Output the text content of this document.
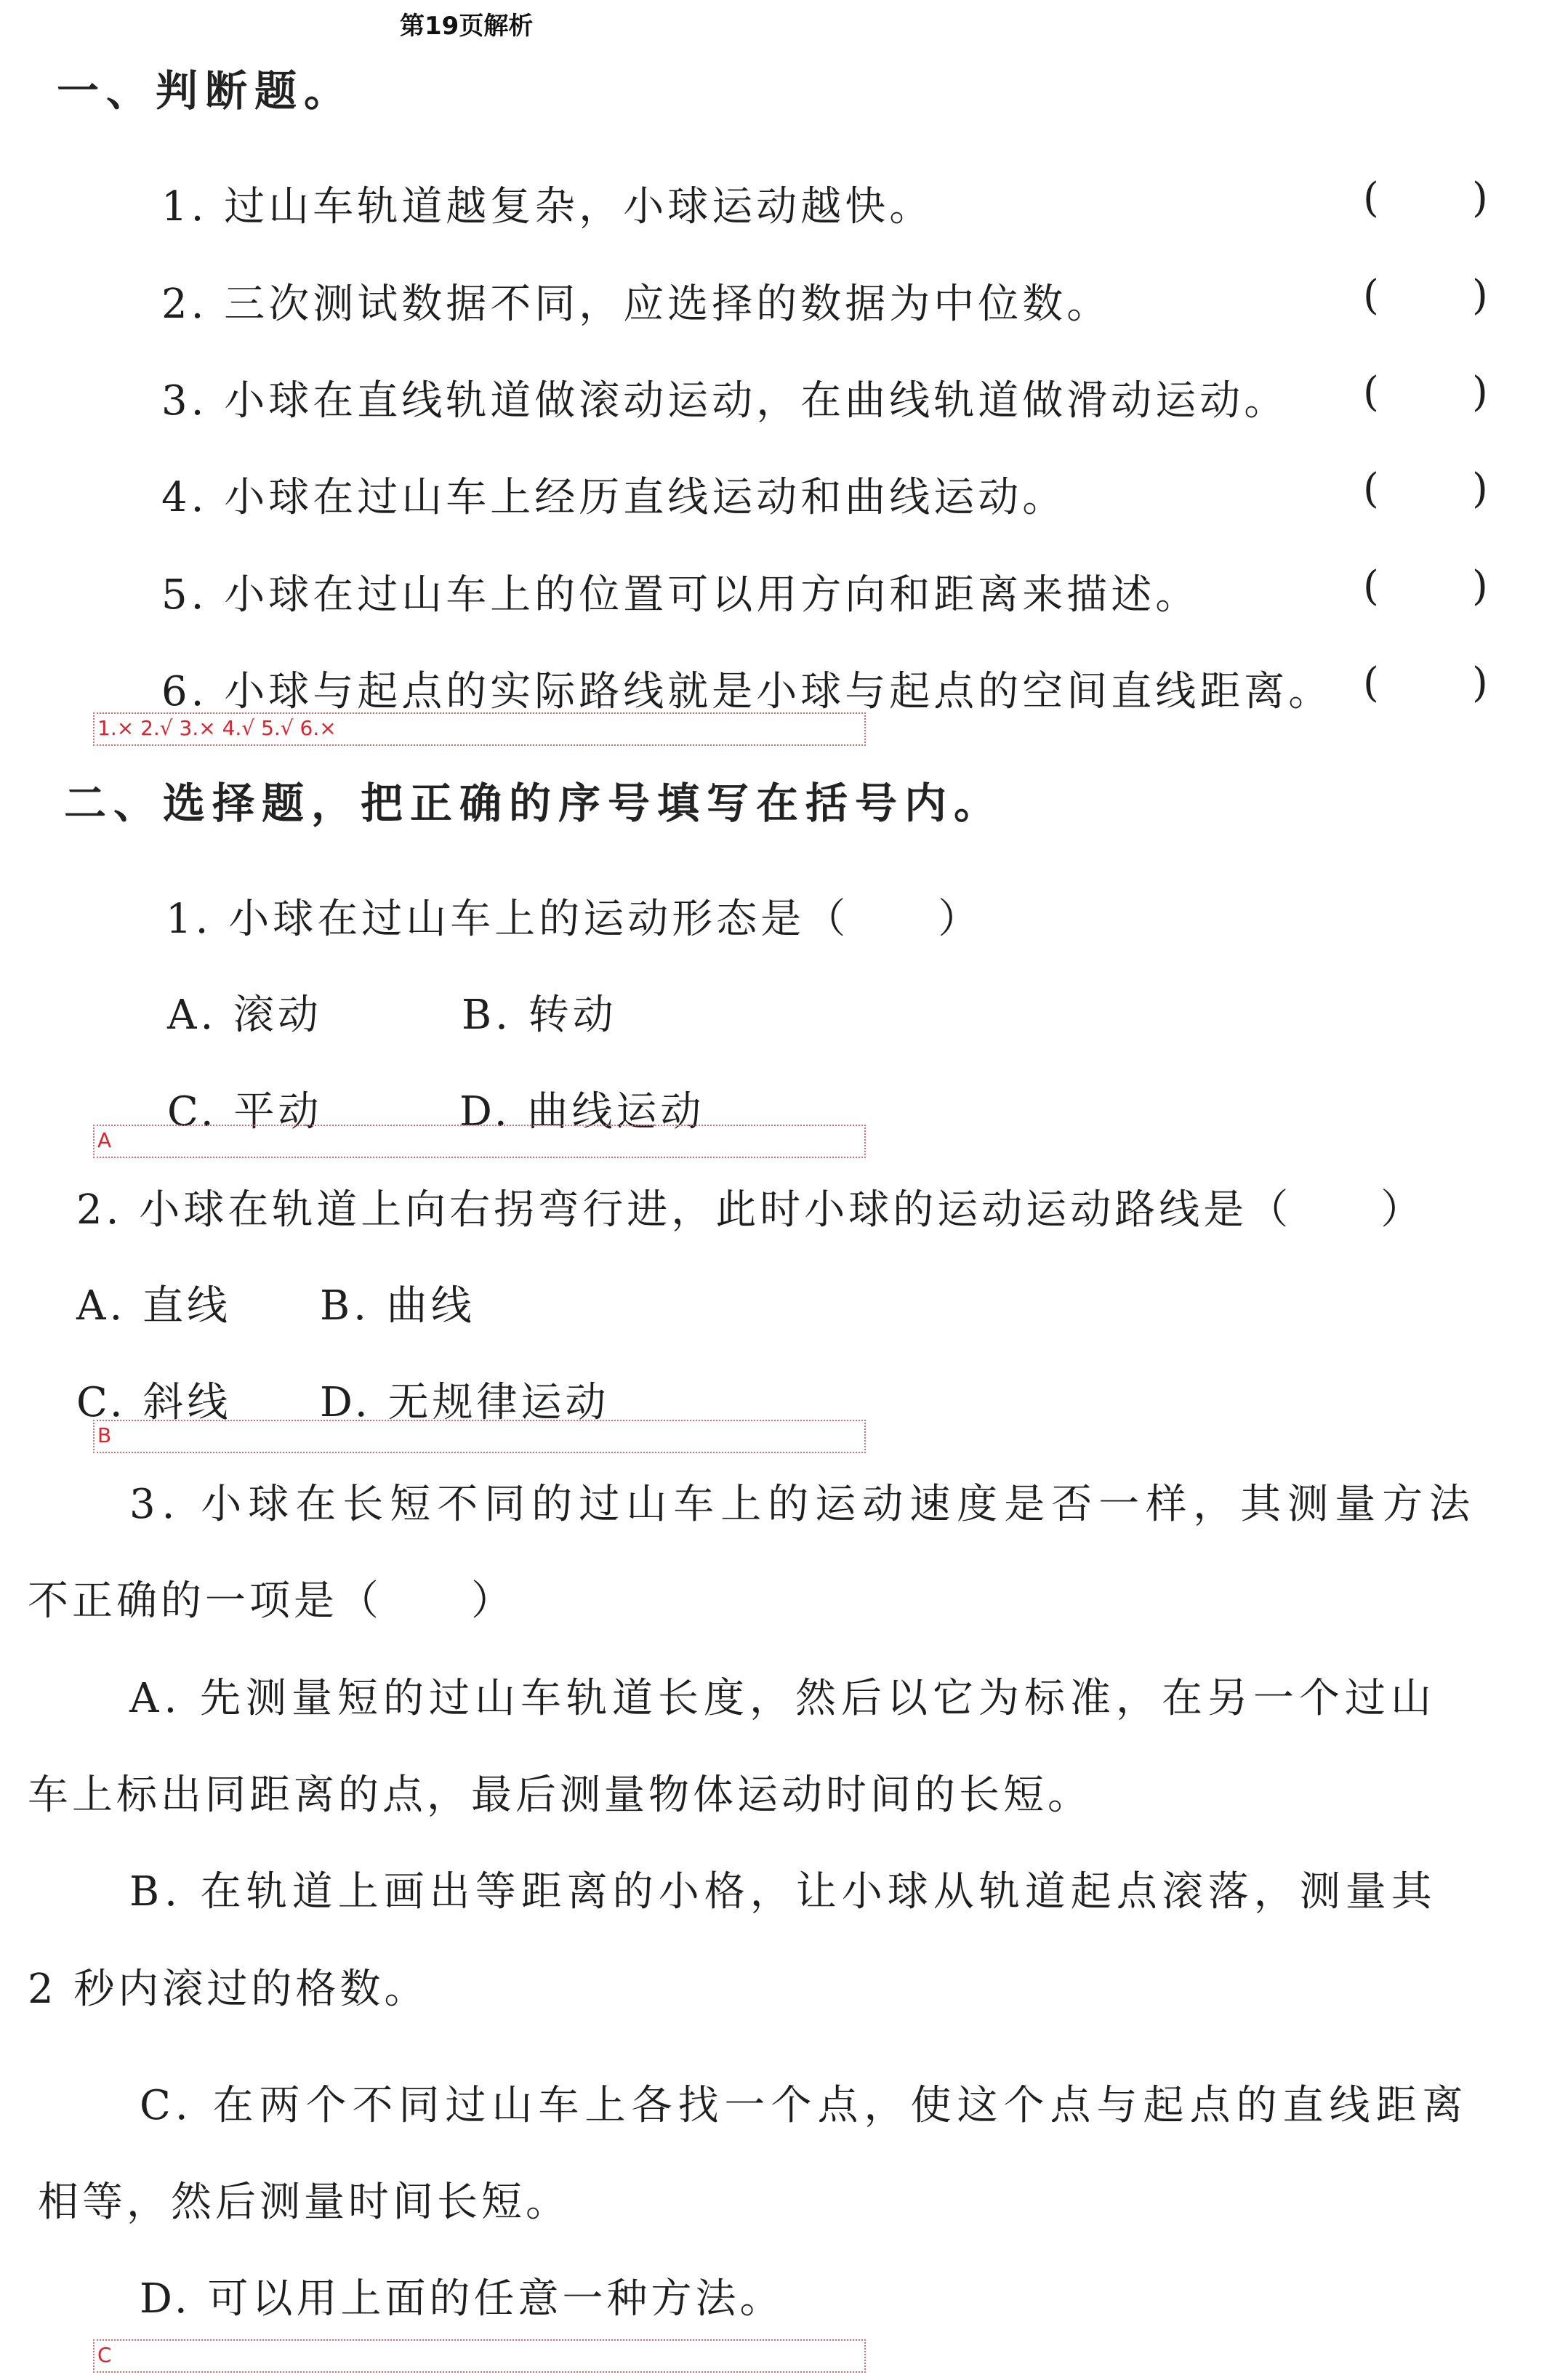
第19页解析
一、判断题。
1. 过山车轨道越复杂，小球运动越快。	( )
2. 三次测试数据不同，应选择的数据为中位数。	( )
3. 小球在直线轨道做滚动运动，在曲线轨道做滑动运动。 ( )
4. 小球在过山车上经历直线运动和曲线运动。	( )
5. 小球在过山车上的位置可以用方向和距离来描述。	( )
6. 小球与起点的实际路线就是小球与起点的空间直线距离。 ( )
1.× 2.√ 3.× 4.√ 5.√ 6.×
二、选择题，把正确的序号填写在括号内。
1. 小球在过山车上的运动形态是（　　）
A. 滚动	B. 转动
C. 平动	D. 曲线运动
A
2. 小球在轨道上向右拐弯行进，此时小球的运动运动路线是（　　）
A. 直线 B. 曲线
C. 斜线 D. 无规律运动
B
3. 小球在长短不同的过山车上的运动速度是否一样，其测量方法
不正确的一项是（　　）
A. 先测量短的过山车轨道长度，然后以它为标准，在另一个过山
车上标出同距离的点，最后测量物体运动时间的长短。
B. 在轨道上画出等距离的小格，让小球从轨道起点滚落，测量其
2 秒内滚过的格数。
C. 在两个不同过山车上各找一个点，使这个点与起点的直线距离
相等，然后测量时间长短。
D. 可以用上面的任意一种方法。
C
